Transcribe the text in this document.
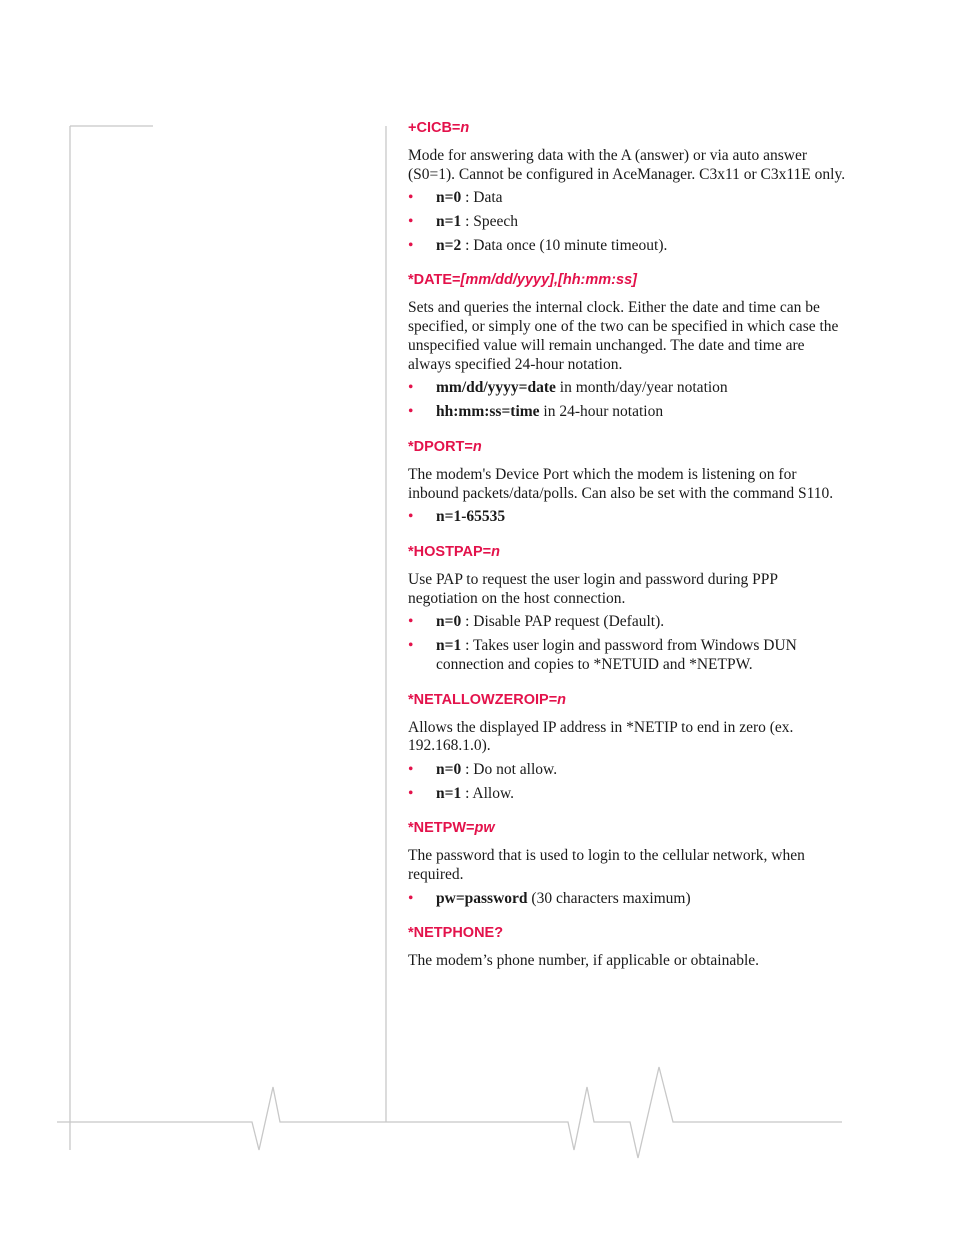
+CICB=n

Mode for answering data with the A (answer) or via auto answer (S0=1). Cannot be configured in AceManager. C3x11 or C3x11E only.

• n=0 : Data
• n=1 : Speech
• n=2 : Data once (10 minute timeout).
*DATE=[mm/dd/yyyy],[hh:mm:ss]

Sets and queries the internal clock. Either the date and time can be specified, or simply one of the two can be specified in which case the unspecified value will remain unchanged. The date and time are always specified 24-hour notation.

• mm/dd/yyyy=date in month/day/year notation
• hh:mm:ss=time in 24-hour notation
*DPORT=n

The modem's Device Port which the modem is listening on for inbound packets/data/polls. Can also be set with the command S110.

• n=1-65535
*HOSTPAP=n

Use PAP to request the user login and password during PPP negotiation on the host connection.

• n=0 : Disable PAP request (Default).
• n=1 : Takes user login and password from Windows DUN connection and copies to *NETUID and *NETPW.
*NETALLOWZEROIP=n

Allows the displayed IP address in *NETIP to end in zero (ex. 192.168.1.0).

• n=0 : Do not allow.
• n=1 : Allow.
*NETPW=pw

The password that is used to login to the cellular network, when required.

• pw=password (30 characters maximum)
*NETPHONE?

The modem’s phone number, if applicable or obtainable.
